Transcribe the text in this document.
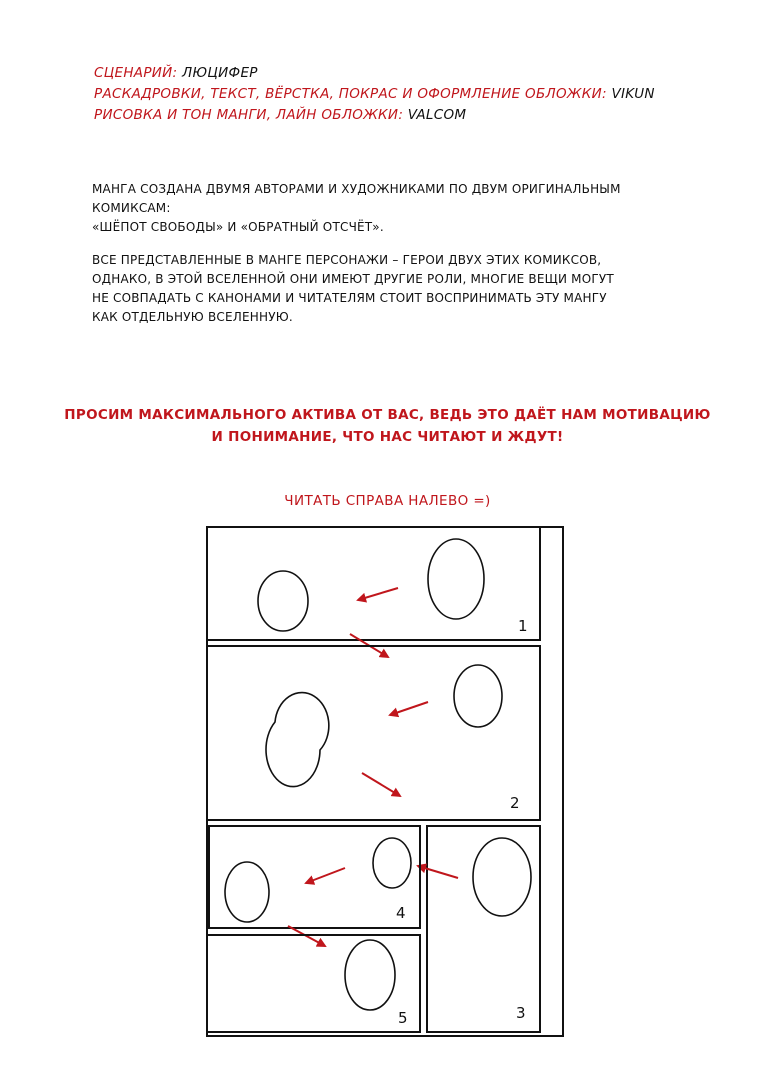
СЦЕНАРИЙ: ЛЮЦИФЕР
РАСКАДРОВКИ, ТЕКСТ, ВЁРСТКА, ПОКРАС И ОФОРМЛЕНИЕ ОБЛОЖКИ: VIKUN
РИСОВКА И ТОН МАНГИ, ЛАЙН ОБЛОЖКИ: VALCOM

МАНГА СОЗДАНА ДВУМЯ АВТОРАМИ И ХУДОЖНИКАМИ ПО ДВУМ ОРИГИНАЛЬНЫМ
КОМИКСАМ:
«ШЁПОТ СВОБОДЫ» И «ОБРАТНЫЙ ОТСЧЁТ».

ВСЕ ПРЕДСТАВЛЕННЫЕ В МАНГЕ ПЕРСОНАЖИ – ГЕРОИ ДВУХ ЭТИХ КОМИКСОВ,
ОДНАКО, В ЭТОЙ ВСЕЛЕННОЙ ОНИ ИМЕЮТ ДРУГИЕ РОЛИ, МНОГИЕ ВЕЩИ МОГУТ
НЕ СОВПАДАТЬ С КАНОНАМИ И ЧИТАТЕЛЯМ СТОИТ ВОСПРИНИМАТЬ ЭТУ МАНГУ
КАК ОТДЕЛЬНУЮ ВСЕЛЕННУЮ.

ПРОСИМ МАКСИМАЛЬНОГО АКТИВА ОТ ВАС, ВЕДЬ ЭТО ДАЁТ НАМ МОТИВАЦИЮ
И ПОНИМАНИЕ, ЧТО НАС ЧИТАЮТ И ЖДУТ!
ЧИТАТЬ СПРАВА НАЛЕВО =)
1
2
3
4
5
